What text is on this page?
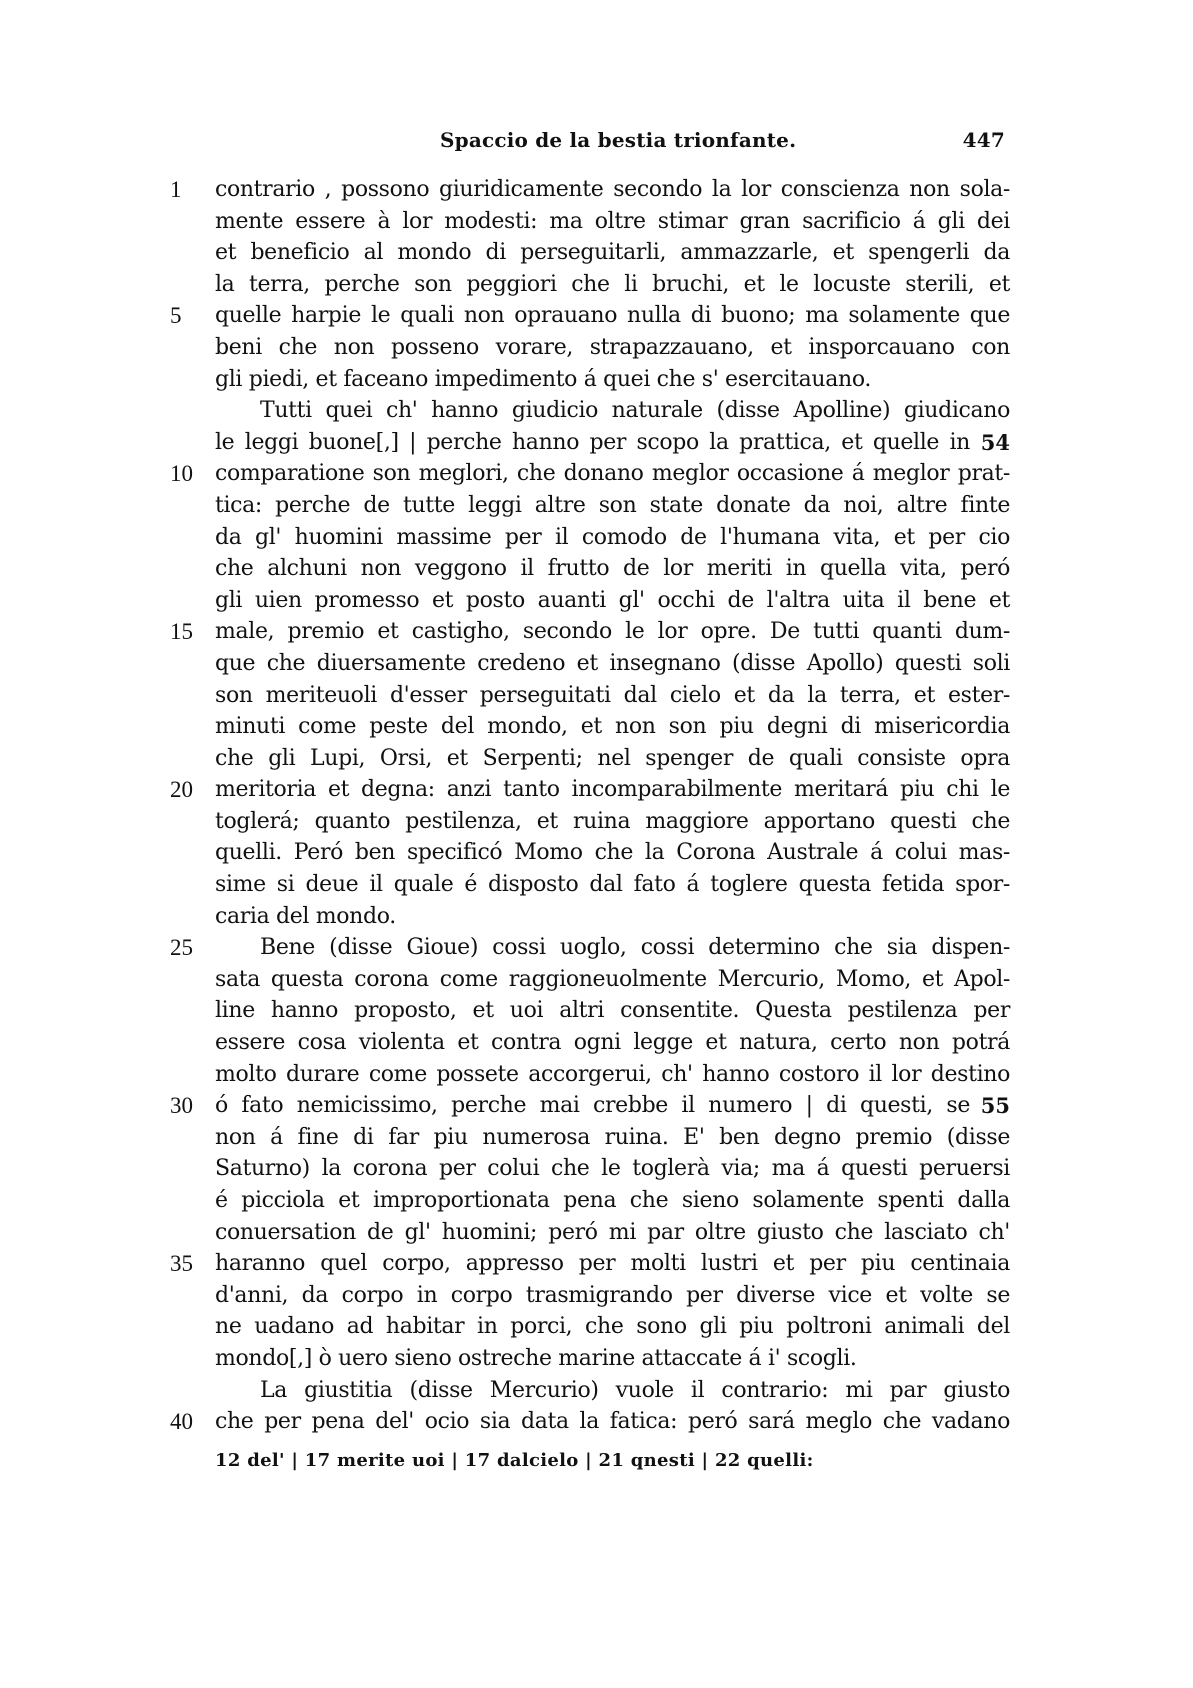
Spaccio de la bestia trionfante.	447
1	contrario , possono giuridicamente secondo la lor conscienza non sola-
mente essere à lor modesti: ma oltre stimar gran sacrificio á gli dei
et beneficio al mondo di perseguitarli, ammazzarle, et spengerli da
la terra, perche son peggiori che li bruchi, et le locuste sterili, et
5	quelle harpie le quali non oprauano nulla di buono; ma solamente que
beni che non posseno vorare, strapazzauano, et insporcauano con
gli piedi, et faceano impedimento á quei che s' esercitauano.
Tutti quei ch' hanno giudicio naturale (disse Apolline) giudicano
le leggi buone[,] | perche hanno per scopo la prattica, et quelle in 54
10	comparatione son meglori, che donano meglor occasione á meglor prat-
tica: perche de tutte leggi altre son state donate da noi, altre finte
da gl' huomini massime per il comodo de l'humana vita, et per cio
che alchuni non veggono il frutto de lor meriti in quella vita, peró
gli uien promesso et posto auanti gl' occhi de l'altra uita il bene et
15	male, premio et castigho, secondo le lor opre. De tutti quanti dum-
que che diuersamente credeno et insegnano (disse Apollo) questi soli
son meriteuoli d'esser perseguitati dal cielo et da la terra, et ester-
minuti come peste del mondo, et non son piu degni di misericordia
che gli Lupi, Orsi, et Serpenti; nel spenger de quali consiste opra
20	meritoria et degna: anzi tanto incomparabilmente meritará piu chi le
toglerá; quanto pestilenza, et ruina maggiore apportano questi che
quelli. Peró ben specificó Momo che la Corona Australe á colui mas-
sime si deue il quale é disposto dal fato á toglere questa fetida spor-
caria del mondo.
25	Bene (disse Gioue) cossi uoglo, cossi determino che sia dispen-
sata questa corona come raggioneuolmente Mercurio, Momo, et Apol-
line hanno proposto, et uoi altri consentite. Questa pestilenza per
essere cosa violenta et contra ogni legge et natura, certo non potrá
molto durare come possete accorgerui, ch' hanno costoro il lor destino
30	ó fato nemicissimo, perche mai crebbe il numero | di questi, se 55
non á fine di far piu numerosa ruina. E' ben degno premio (disse
Saturno) la corona per colui che le toglerà via; ma á questi peruersi
é picciola et improportionata pena che sieno solamente spenti dalla
conuersation de gl' huomini; peró mi par oltre giusto che lasciato ch'
35	haranno quel corpo, appresso per molti lustri et per piu centinaia
d'anni, da corpo in corpo trasmigrando per diverse vice et volte se
ne uadano ad habitar in porci, che sono gli piu poltroni animali del
mondo[,] ò uero sieno ostreche marine attaccate á i' scogli.
La giustitia (disse Mercurio) vuole il contrario: mi par giusto
40	che per pena del' ocio sia data la fatica: peró sará meglo che vadano
12 del' | 17 merite uoi | 17 dalcielo | 21 qnesti | 22 quelli:
